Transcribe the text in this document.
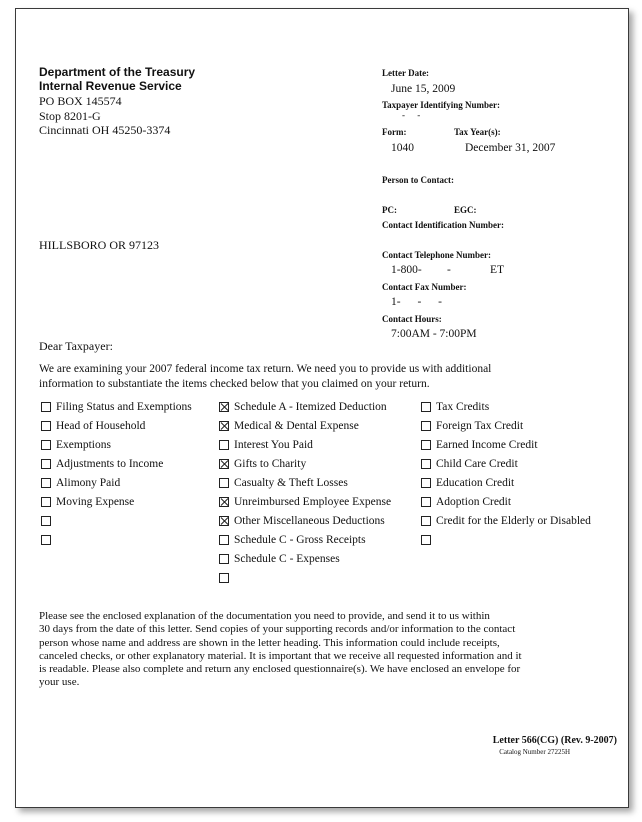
Department of the Treasury
Internal Revenue Service
PO BOX 145574
Stop 8201-G
Cincinnati OH 45250-3374
HILLSBORO OR 97123
Letter Date:
June 15, 2009
Taxpayer Identifying Number:
- -
Form:	Tax Year(s):
1040	December 31, 2007
Person to Contact:
PC:	EGC:
Contact Identification Number:
Contact Telephone Number:
1-800- -	ET
Contact Fax Number:
1- - -
Contact Hours:
7:00AM - 7:00PM
Dear Taxpayer:
We are examining your 2007 federal income tax return. We need you to provide us with additional
information to substantiate the items checked below that you claimed on your return.
Filing Status and Exemptions
Head of Household
Exemptions
Adjustments to Income
Alimony Paid
Moving Expense
Schedule A - Itemized Deduction
Medical & Dental Expense
Interest You Paid
Gifts to Charity
Casualty & Theft Losses
Unreimbursed Employee Expense
Other Miscellaneous Deductions
Schedule C - Gross Receipts
Schedule C - Expenses
Tax Credits
Foreign Tax Credit
Earned Income Credit
Child Care Credit
Education Credit
Adoption Credit
Credit for the Elderly or Disabled
Please see the enclosed explanation of the documentation you need to provide, and send it to us within
30 days from the date of this letter. Send copies of your supporting records and/or information to the contact
person whose name and address are shown in the letter heading. This information could include receipts,
canceled checks, or other explanatory material. It is important that we receive all requested information and it
is readable. Please also complete and return any enclosed questionnaire(s). We have enclosed an envelope for
your use.
Letter 566(CG) (Rev. 9-2007)
Catalog Number 27225H
